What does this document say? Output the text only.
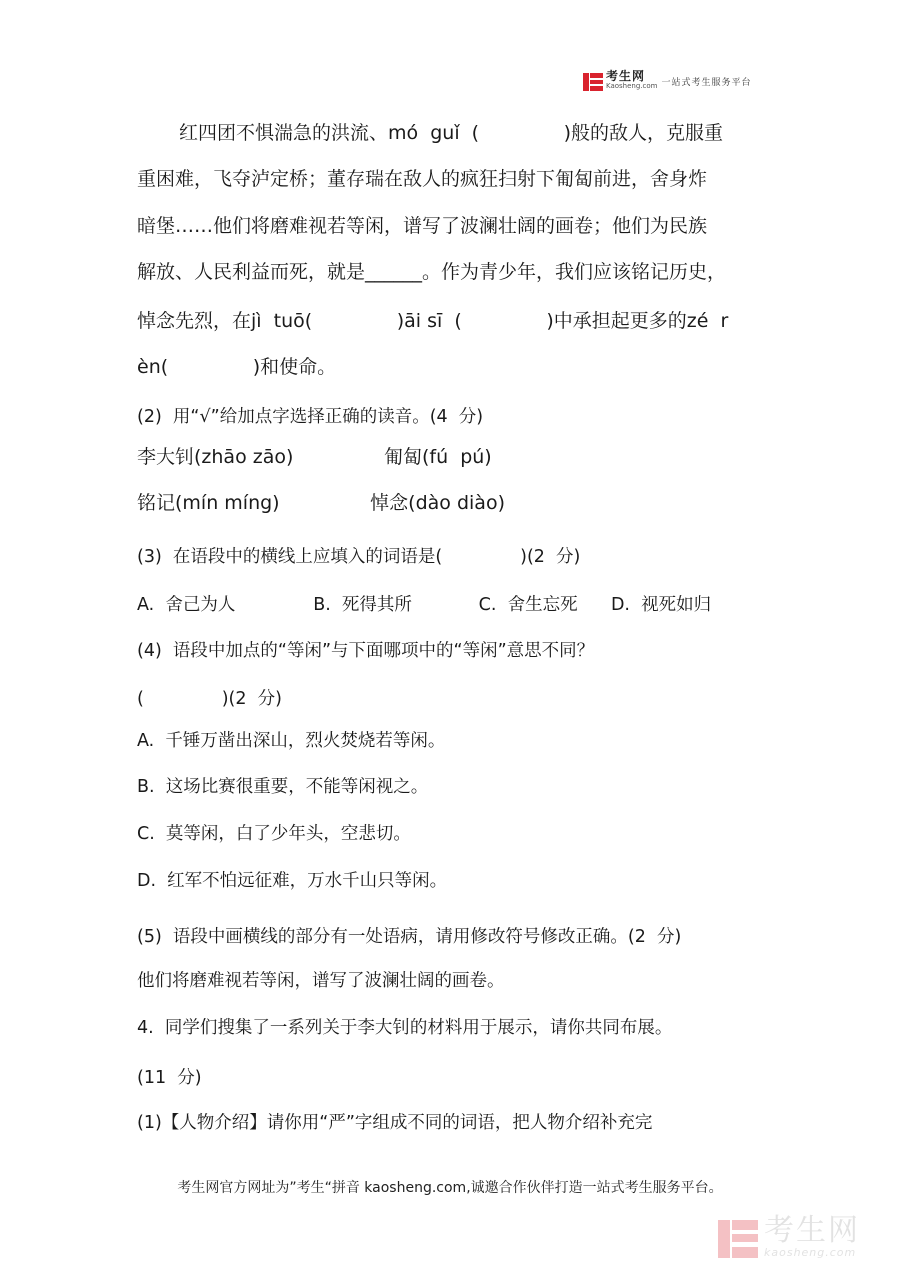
考生网
Kaosheng.com 一站式考生服务平台
红四团不惧湍急的洪流、mó  guǐ  (              )般的敌人，克服重
重困难，飞夺泸定桥；董存瑞在敌人的疯狂扫射下匍匐前进，舍身炸
暗堡……他们将磨难视若等闲，谱写了波澜壮阔的画卷；他们为民族
解放、人民利益而死，就是______。作为青少年，我们应该铭记历史，
悼念先烈，在jì  tuō(              )āi sī  (              )中承担起更多的zé  r
èn(              )和使命。
(2)  用“√”给加点字选择正确的读音。(4  分)
李大钊(zhāo zāo)               匍匐(fú  pú)
铭记(mín míng)               悼念(dào diào)
(3)  在语段中的横线上应填入的词语是(              )(2  分)
A.  舍己为人              B.  死得其所            C.  舍生忘死      D.  视死如归
(4)  语段中加点的“等闲”与下面哪项中的“等闲”意思不同？
(              )(2  分)
A.  千锤万凿出深山，烈火焚烧若等闲。
B.  这场比赛很重要，不能等闲视之。
C.  莫等闲，白了少年头，空悲切。
D.  红军不怕远征难，万水千山只等闲。
(5)  语段中画横线的部分有一处语病，请用修改符号修改正确。(2  分)
他们将磨难视若等闲，谱写了波澜壮阔的画卷。
4.  同学们搜集了一系列关于李大钊的材料用于展示，请你共同布展。
(11  分)
(1)【人物介绍】请你用“严”字组成不同的词语，把人物介绍补充完
考生网官方网址为”考生“拼音 kaosheng.com,诚邀合作伙伴打造一站式考生服务平台。
考生网
kaosheng.com
